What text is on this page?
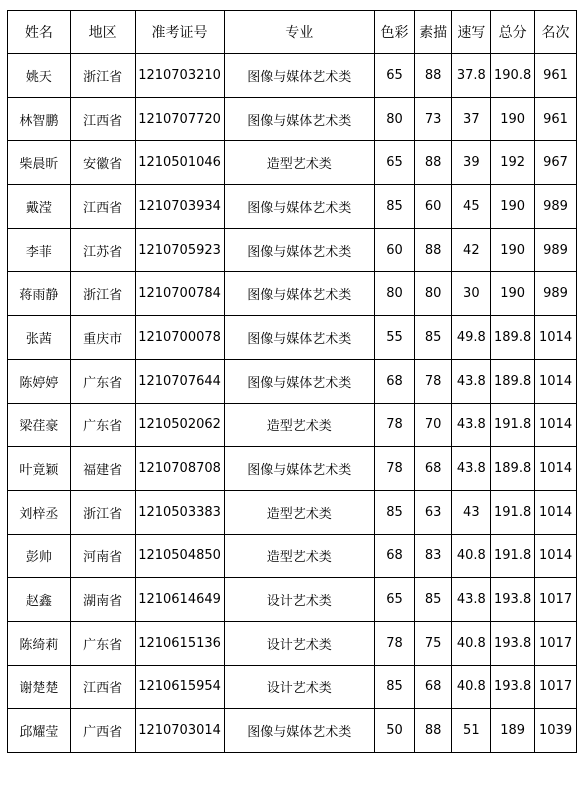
姓名	地区	准考证号	专业	色彩	素描	速写	总分	名次
姚天	浙江省	1210703210	图像与媒体艺术类	65	88	37.8	190.8	961
林智鹏	江西省	1210707720	图像与媒体艺术类	80	73	37	190	961
柴晨昕	安徽省	1210501046	造型艺术类	65	88	39	192	967
戴滢	江西省	1210703934	图像与媒体艺术类	85	60	45	190	989
李菲	江苏省	1210705923	图像与媒体艺术类	60	88	42	190	989
蒋雨静	浙江省	1210700784	图像与媒体艺术类	80	80	30	190	989
张茜	重庆市	1210700078	图像与媒体艺术类	55	85	49.8	189.8	1014
陈婷婷	广东省	1210707644	图像与媒体艺术类	68	78	43.8	189.8	1014
梁荏豪	广东省	1210502062	造型艺术类	78	70	43.8	191.8	1014
叶竟颖	福建省	1210708708	图像与媒体艺术类	78	68	43.8	189.8	1014
刘梓丞	浙江省	1210503383	造型艺术类	85	63	43	191.8	1014
彭帅	河南省	1210504850	造型艺术类	68	83	40.8	191.8	1014
赵鑫	湖南省	1210614649	设计艺术类	65	85	43.8	193.8	1017
陈绮莉	广东省	1210615136	设计艺术类	78	75	40.8	193.8	1017
谢楚楚	江西省	1210615954	设计艺术类	85	68	40.8	193.8	1017
邱耀莹	广西省	1210703014	图像与媒体艺术类	50	88	51	189	1039
